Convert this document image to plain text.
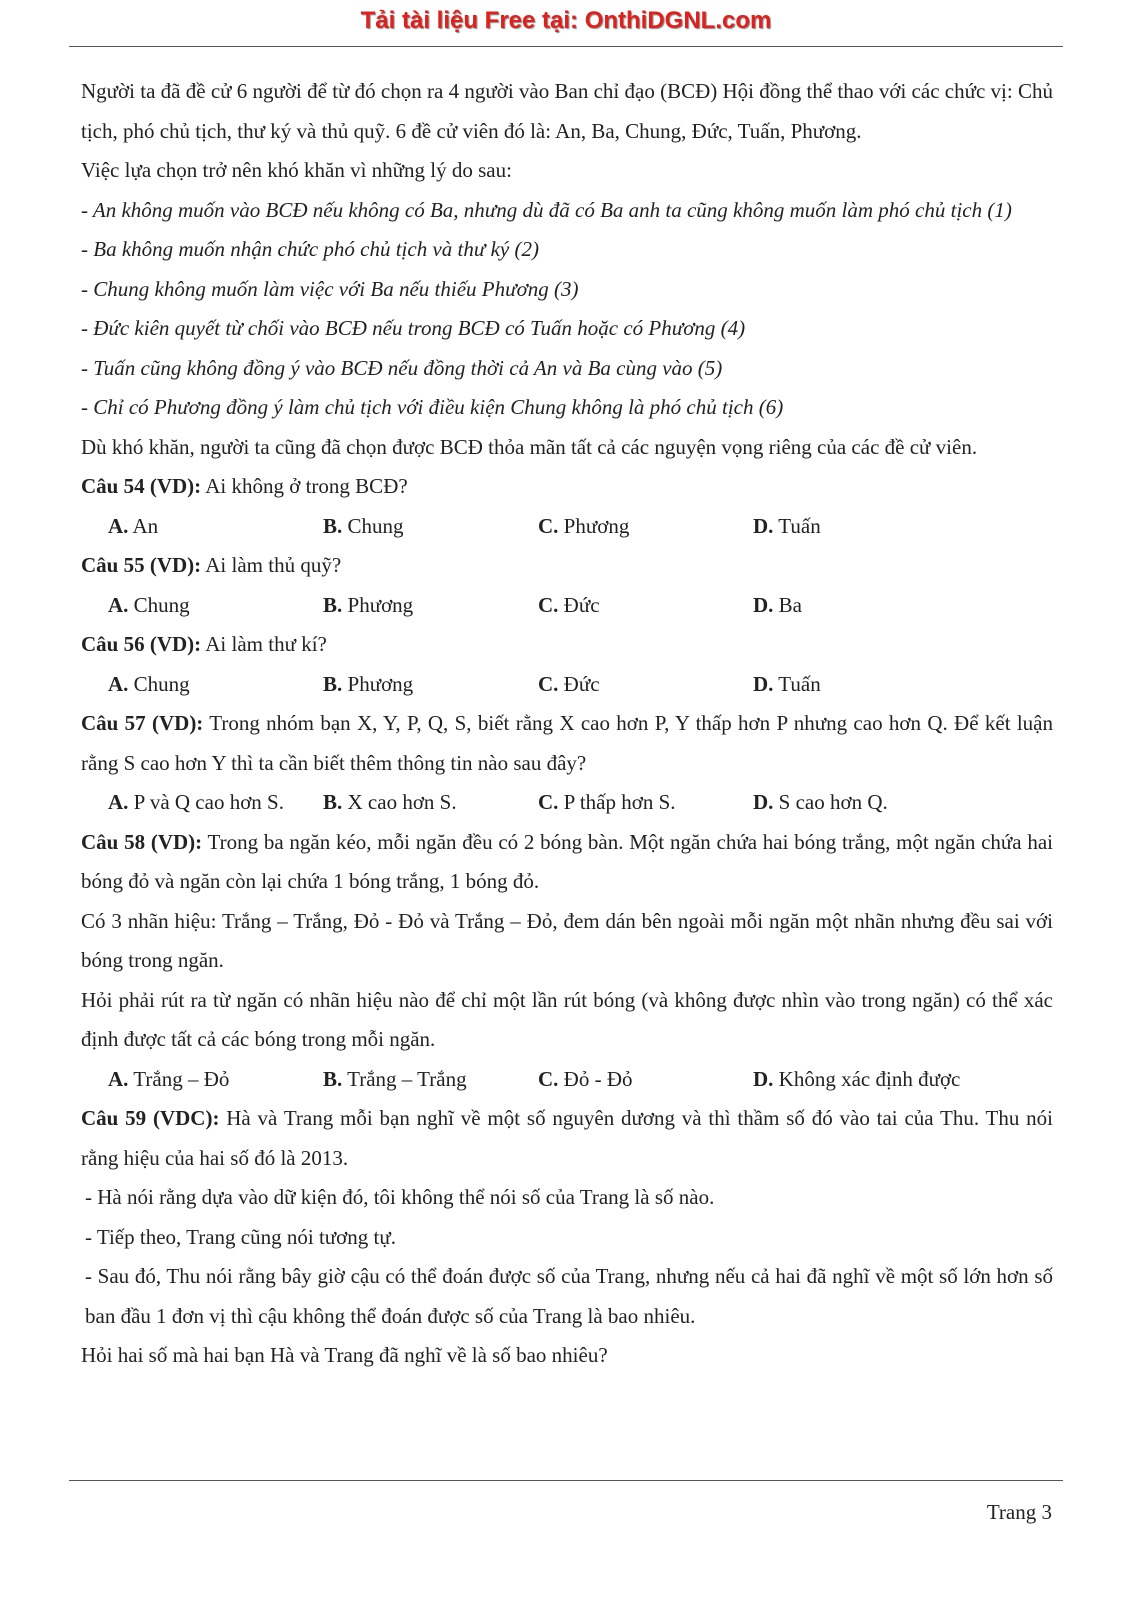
Tải tài liệu Free tại: OnthiDGNL.com
Người ta đã đề cử 6 người để từ đó chọn ra 4 người vào Ban chỉ đạo (BCĐ) Hội đồng thể thao với các chức vị: Chủ tịch, phó chủ tịch, thư ký và thủ quỹ. 6 đề cử viên đó là: An, Ba, Chung, Đức, Tuấn, Phương.
Việc lựa chọn trở nên khó khăn vì những lý do sau:
- An không muốn vào BCĐ nếu không có Ba, nhưng dù đã có Ba anh ta cũng không muốn làm phó chủ tịch (1)
- Ba không muốn nhận chức phó chủ tịch và thư ký (2)
- Chung không muốn làm việc với Ba nếu thiếu Phương (3)
- Đức kiên quyết từ chối vào BCĐ nếu trong BCĐ có Tuấn hoặc có Phương (4)
- Tuấn cũng không đồng ý vào BCĐ nếu đồng thời cả An và Ba cùng vào (5)
- Chỉ có Phương đồng ý làm chủ tịch với điều kiện Chung không là phó chủ tịch (6)
Dù khó khăn, người ta cũng đã chọn được BCĐ thỏa mãn tất cả các nguyện vọng riêng của các đề cử viên.
Câu 54 (VD): Ai không ở trong BCĐ?
A. An	B. Chung	C. Phương	D. Tuấn
Câu 55 (VD): Ai làm thủ quỹ?
A. Chung	B. Phương	C. Đức	D. Ba
Câu 56 (VD): Ai làm thư kí?
A. Chung	B. Phương	C. Đức	D. Tuấn
Câu 57 (VD): Trong nhóm bạn X, Y, P, Q, S, biết rằng X cao hơn P, Y thấp hơn P nhưng cao hơn Q. Để kết luận rằng S cao hơn Y thì ta cần biết thêm thông tin nào sau đây?
A. P và Q cao hơn S.	B. X cao hơn S.	C. P thấp hơn S.	D. S cao hơn Q.
Câu 58 (VD): Trong ba ngăn kéo, mỗi ngăn đều có 2 bóng bàn. Một ngăn chứa hai bóng trắng, một ngăn chứa hai bóng đỏ và ngăn còn lại chứa 1 bóng trắng, 1 bóng đỏ.
Có 3 nhãn hiệu: Trắng – Trắng, Đỏ - Đỏ và Trắng – Đỏ, đem dán bên ngoài mỗi ngăn một nhãn nhưng đều sai với bóng trong ngăn.
Hỏi phải rút ra từ ngăn có nhãn hiệu nào để chỉ một lần rút bóng (và không được nhìn vào trong ngăn) có thể xác định được tất cả các bóng trong mỗi ngăn.
A. Trắng – Đỏ	B. Trắng – Trắng	C. Đỏ - Đỏ	D. Không xác định được
Câu 59 (VDC): Hà và Trang mỗi bạn nghĩ về một số nguyên dương và thì thầm số đó vào tai của Thu. Thu nói rằng hiệu của hai số đó là 2013.
- Hà nói rằng dựa vào dữ kiện đó, tôi không thể nói số của Trang là số nào.
- Tiếp theo, Trang cũng nói tương tự.
- Sau đó, Thu nói rằng bây giờ cậu có thể đoán được số của Trang, nhưng nếu cả hai đã nghĩ về một số lớn hơn số ban đầu 1 đơn vị thì cậu không thể đoán được số của Trang là bao nhiêu.
Hỏi hai số mà hai bạn Hà và Trang đã nghĩ về là số bao nhiêu?
Trang 3
